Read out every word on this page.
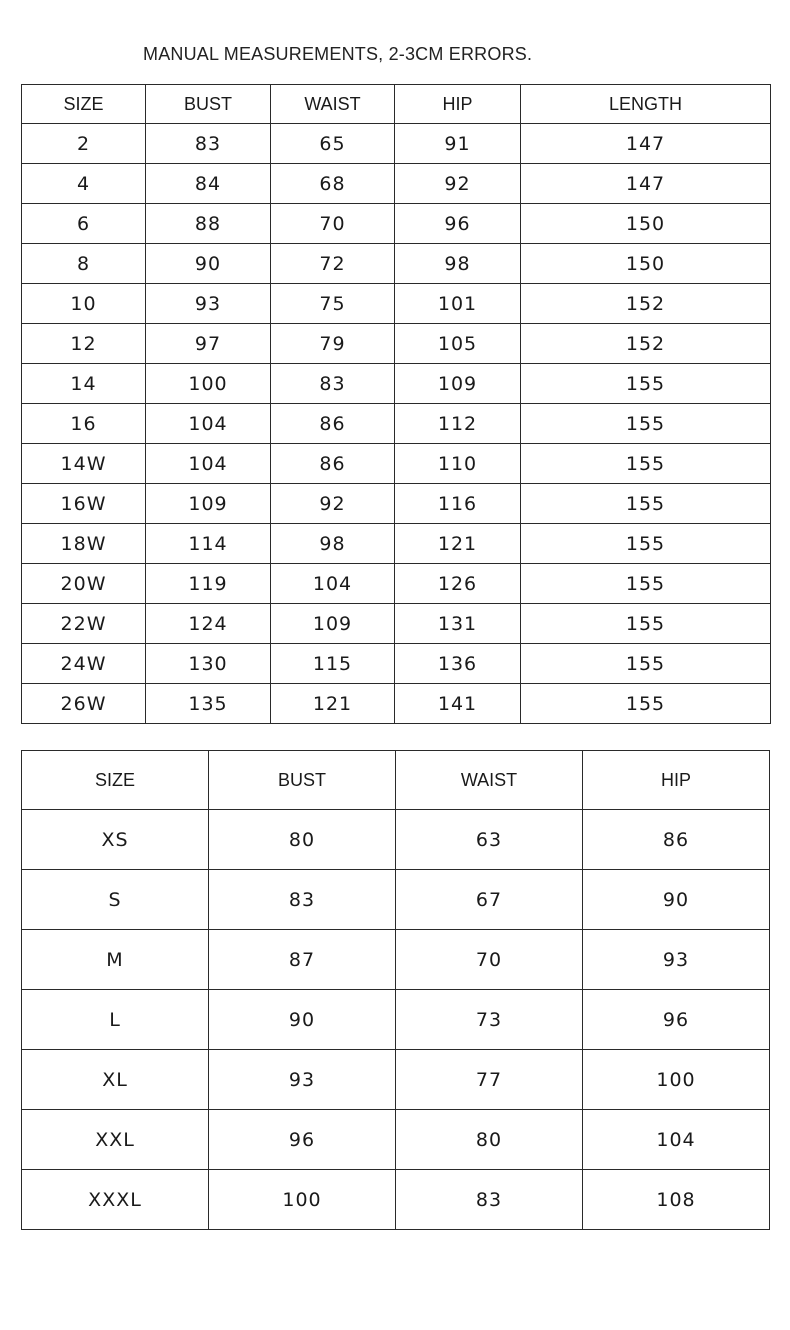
MANUAL MEASUREMENTS, 2-3CM ERRORS.
SIZE	BUST	WAIST	HIP	LENGTH
2	83	65	91	147
4	84	68	92	147
6	88	70	96	150
8	90	72	98	150
10	93	75	101	152
12	97	79	105	152
14	100	83	109	155
16	104	86	112	155
14W	104	86	110	155
16W	109	92	116	155
18W	114	98	121	155
20W	119	104	126	155
22W	124	109	131	155
24W	130	115	136	155
26W	135	121	141	155
SIZE	BUST	WAIST	HIP
XS	80	63	86
S	83	67	90
M	87	70	93
L	90	73	96
XL	93	77	100
XXL	96	80	104
XXXL	100	83	108
